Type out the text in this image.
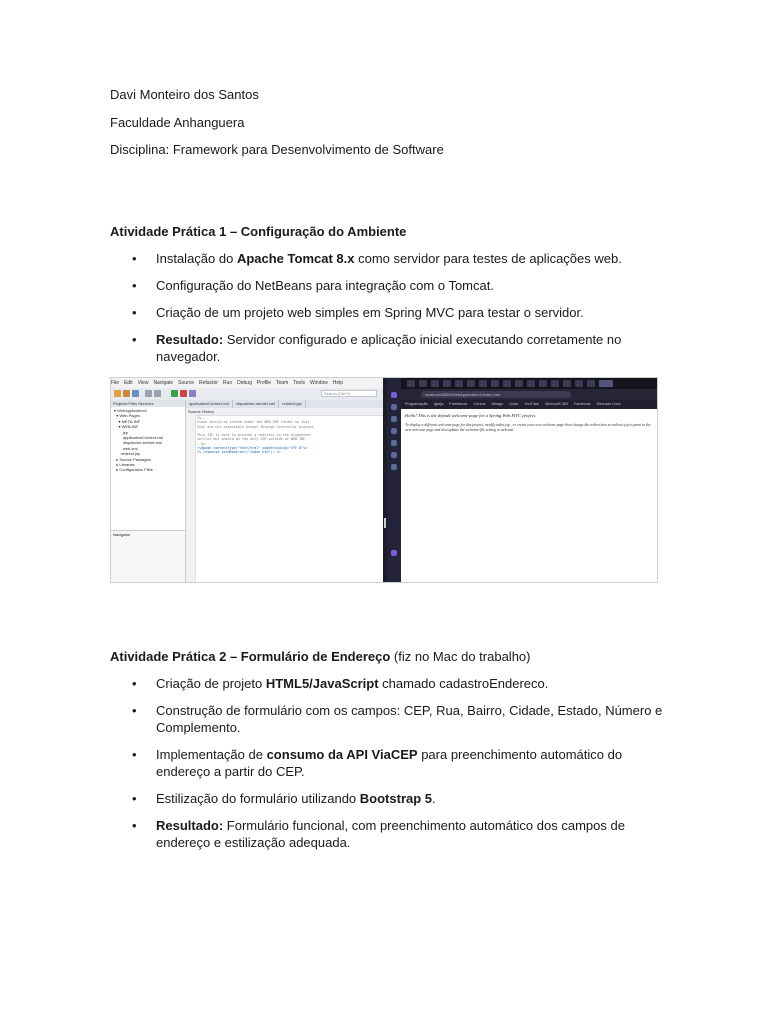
Davi Monteiro dos Santos
Faculdade Anhanguera
Disciplina: Framework para Desenvolvimento de Software
Atividade Prática 1 – Configuração do Ambiente
• Instalação do Apache Tomcat 8.x como servidor para testes de aplicações web.
• Configuração do NetBeans para integração com o Tomcat.
• Criação de um projeto web simples em Spring MVC para testar o servidor.
• Resultado: Servidor configurado e aplicação inicial executando corretamente no navegador.
File Edit View Navigate Source Refactor Run Debug Profile Team Tools Window Help
Search (Ctrl+I)
Projects Files Services
▾ WebApplication1
▾ Web Pages
▾ META-INF
▾ WEB-INF
jsp
applicationContext.xml
dispatcher-servlet.xml
web.xml
redirect.jsp
▸ Source Packages
▸ Libraries
▸ Configuration Files
Navigator
applicationContext.xml dispatcher-servlet.xml redirect.jsp
Source History
<%--
Views should be stored under the WEB-INF folder so that
they are not accessible except through controller process.

This JSP is here to provide a redirect to the dispatcher
servlet but should be the only JSP outside of WEB-INF.
--%>
<%@page contentType="text/html" pageEncoding="UTF-8"%>
<% response.sendRedirect("index.htm"); %>
localhost:8080/WebApplication1/index.htm
Programação Igreja Freelancer Cursos Design Links YouTube Microsoft 365 Facebook Mercado Livre
Hello! This is the default welcome page for a Spring Web MVC project.
To display a different welcome page for this project, modify index.jsp , or create your own welcome page then change the redirection in redirect.jsp to point to the new welcome page and also update the welcome-file setting in web.xml.
Atividade Prática 2 – Formulário de Endereço (fiz no Mac do trabalho)
• Criação de projeto HTML5/JavaScript chamado cadastroEndereco.
• Construção de formulário com os campos: CEP, Rua, Bairro, Cidade, Estado, Número e Complemento.
• Implementação de consumo da API ViaCEP para preenchimento automático do endereço a partir do CEP.
• Estilização do formulário utilizando Bootstrap 5.
• Resultado: Formulário funcional, com preenchimento automático dos campos de endereço e estilização adequada.
